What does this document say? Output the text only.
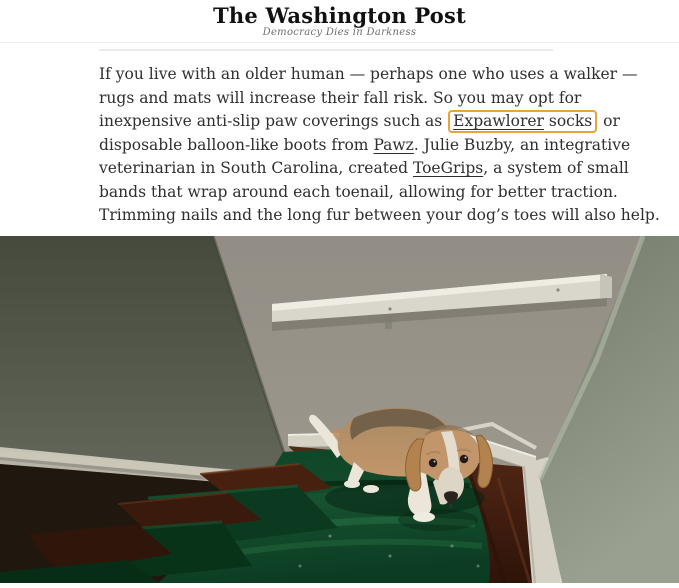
The Washington Post
Democracy Dies in Darkness
If you live with an older human — perhaps one who uses a walker —
rugs and mats will increase their fall risk. So you may opt for
inexpensive anti-slip paw coverings such as Expawlorer socks or
disposable balloon-like boots from Pawz. Julie Buzby, an integrative
veterinarian in South Carolina, created ToeGrips, a system of small
bands that wrap around each toenail, allowing for better traction.
Trimming nails and the long fur between your dog’s toes will also help.
